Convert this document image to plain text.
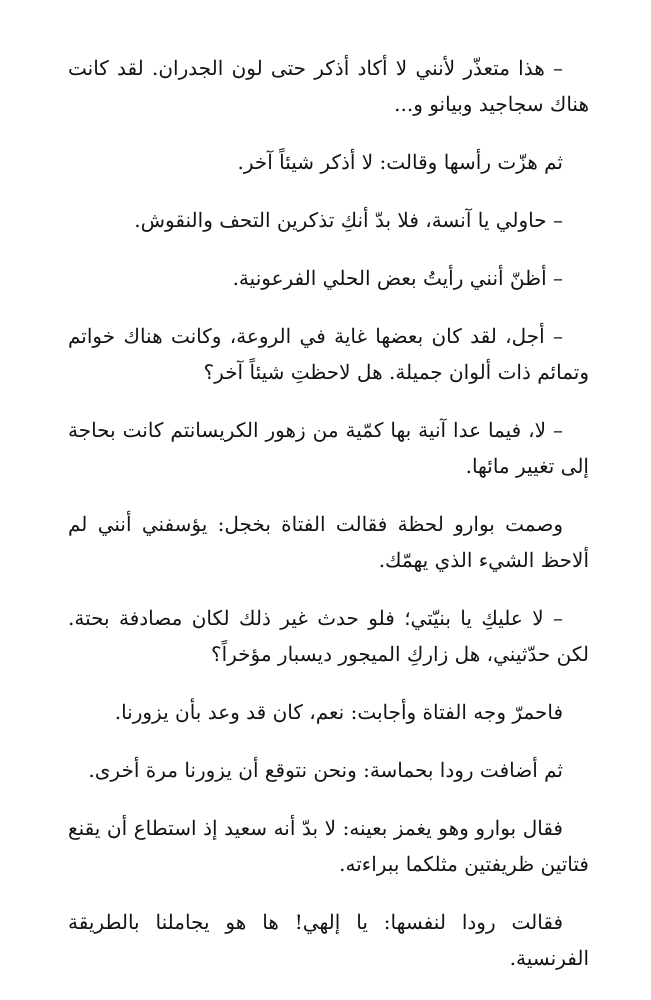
– هذا متعذّر لأنني لا أكاد أذكر حتى لون الجدران. لقد كانت هناك سجاجيد وبيانو و...

ثم هزّت رأسها وقالت: لا أذكر شيئاً آخر.

– حاولي يا آنسة، فلا بدّ أنكِ تذكرين التحف والنقوش.

– أظنّ أنني رأيتُ بعض الحلي الفرعونية.

– أجل، لقد كان بعضها غاية في الروعة، وكانت هناك خواتم وتمائم ذات ألوان جميلة. هل لاحظتِ شيئاً آخر؟

– لا، فيما عدا آنية بها كمّية من زهور الكريسانتم كانت بحاجة إلى تغيير مائها.

وصمت بوارو لحظة فقالت الفتاة بخجل: يؤسفني أنني لم ألاحظ الشيء الذي يهمّك.

– لا عليكِ يا بنيّتي؛ فلو حدث غير ذلك لكان مصادفة بحتة. لكن حدّثيني، هل زاركِ الميجور ديسبار مؤخراً؟

فاحمرّ وجه الفتاة وأجابت: نعم، كان قد وعد بأن يزورنا.

ثم أضافت رودا بحماسة: ونحن نتوقع أن يزورنا مرة أخرى.

فقال بوارو وهو يغمز بعينه: لا بدّ أنه سعيد إذ استطاع أن يقنع فتاتين ظريفتين مثلكما ببراءته.

فقالت رودا لنفسها: يا إلهي! ها هو يجاملنا بالطريقة الفرنسية.
